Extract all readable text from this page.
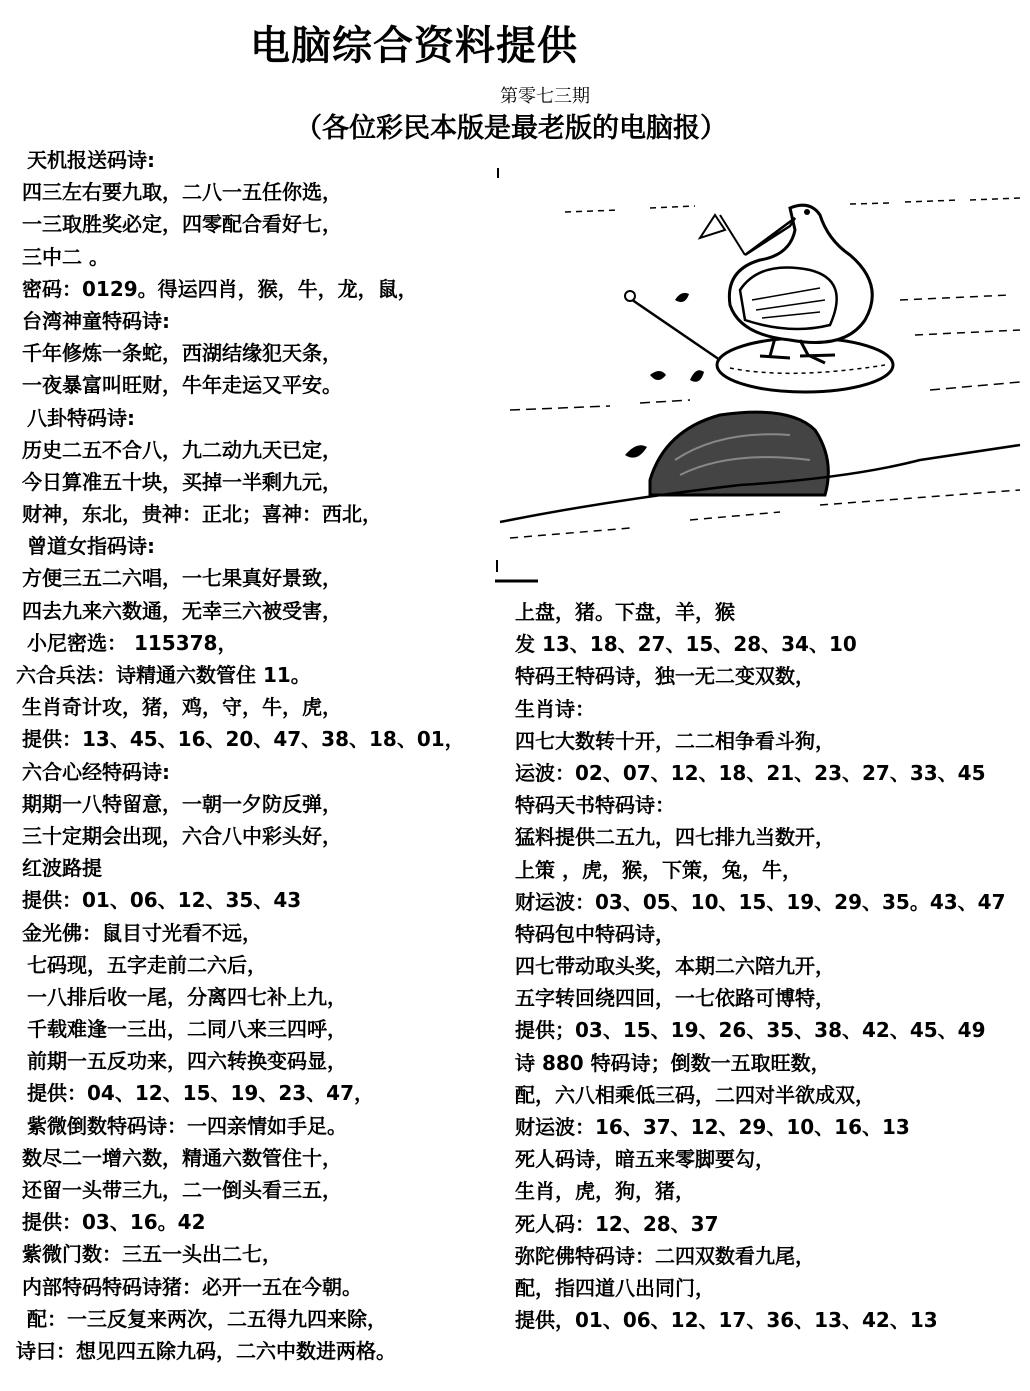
电脑综合资料提供
第零七三期
（各位彩民本版是最老版的电脑报）
天机报送码诗:
四三左右要九取，二八一五任你选，
一三取胜奖必定，四零配合看好七，
三中二 。
密码：0129。得运四肖，猴，牛，龙，鼠，
台湾神童特码诗:
千年修炼一条蛇，西湖结缘犯天条，
一夜暴富叫旺财，牛年走运又平安。
八卦特码诗:
历史二五不合八，九二动九天已定，
今日算准五十块，买掉一半剩九元，
财神，东北，贵神：正北；喜神：西北，
曾道女指码诗:
方便三五二六唱，一七果真好景致，
四去九来六数通，无幸三六被受害，
小尼密选： 115378，
六合兵法：诗精通六数管住 11。
生肖奇计攻，猪，鸡，守，牛，虎，
提供：13、45、16、20、47、38、18、01，
六合心经特码诗:
期期一八特留意，一朝一夕防反弹，
三十定期会出现，六合八中彩头好，
红波路提
提供：01、06、12、35、43
金光佛：鼠目寸光看不远，
七码现，五字走前二六后，
一八排后收一尾，分离四七补上九，
千载难逢一三出，二同八来三四呼，
前期一五反功来，四六转换变码显，
提供：04、12、15、19、23、47，
紫微倒数特码诗：一四亲情如手足。
数尽二一增六数，精通六数管住十，
还留一头带三九，二一倒头看三五，
提供：03、16。42
紫微门数：三五一头出二七，
内部特码特码诗猪：必开一五在今朝。
配：一三反复来两次，二五得九四来除，
诗曰：想见四五除九码，二六中数进两格。
上盘，猪。下盘，羊，猴
发 13、18、27、15、28、34、10
特码王特码诗，独一无二变双数，
生肖诗：
四七大数转十开，二二相争看斗狗，
运波：02、07、12、18、21、23、27、33、45
特码天书特码诗：
猛料提供二五九，四七排九当数开，
上策 ，虎，猴，下策，兔，牛，
财运波：03、05、10、15、19、29、35。43、47
特码包中特码诗，
四七带动取头奖，本期二六陪九开，
五字转回绕四回，一七依路可博特，
提供；03、15、19、26、35、38、42、45、49
诗 880 特码诗；倒数一五取旺数，
配，六八相乘低三码，二四对半欲成双，
财运波：16、37、12、29、10、16、13
死人码诗，暗五来零脚要勾，
生肖，虎，狗，猪，
死人码：12、28、37
弥陀佛特码诗：二四双数看九尾，
配，指四道八出同门，
提供，01、06、12、17、36、13、42、13
